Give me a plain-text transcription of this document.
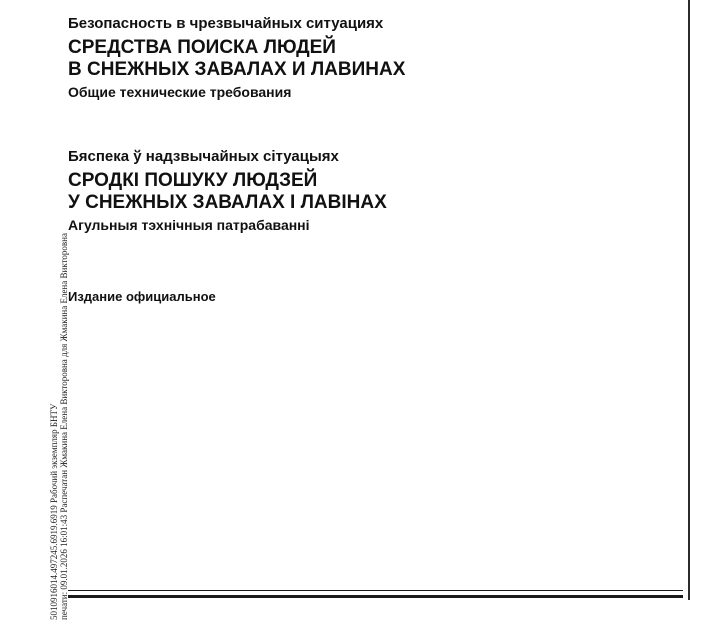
Безопасность в чрезвычайных ситуациях
СРЕДСТВА ПОИСКА ЛЮДЕЙ
В СНЕЖНЫХ ЗАВАЛАХ И ЛАВИНАХ
Общие технические требования
Бяспека ў надзвычайных сітуацыях
СРОДКІ ПОШУКУ ЛЮДЗЕЙ
У СНЕЖНЫХ ЗАВАЛАХ І ЛАВІНАХ
Агульныя тэхнічныя патрабаванні
Издание официальное
5010916014.497245.6919.6919 Рабочий экземпляр БНТУ
печати: 09.01.2026 16:01:43 Распечатан Жмакина Елена Викторовна для Жмакина Елена Викторовна
